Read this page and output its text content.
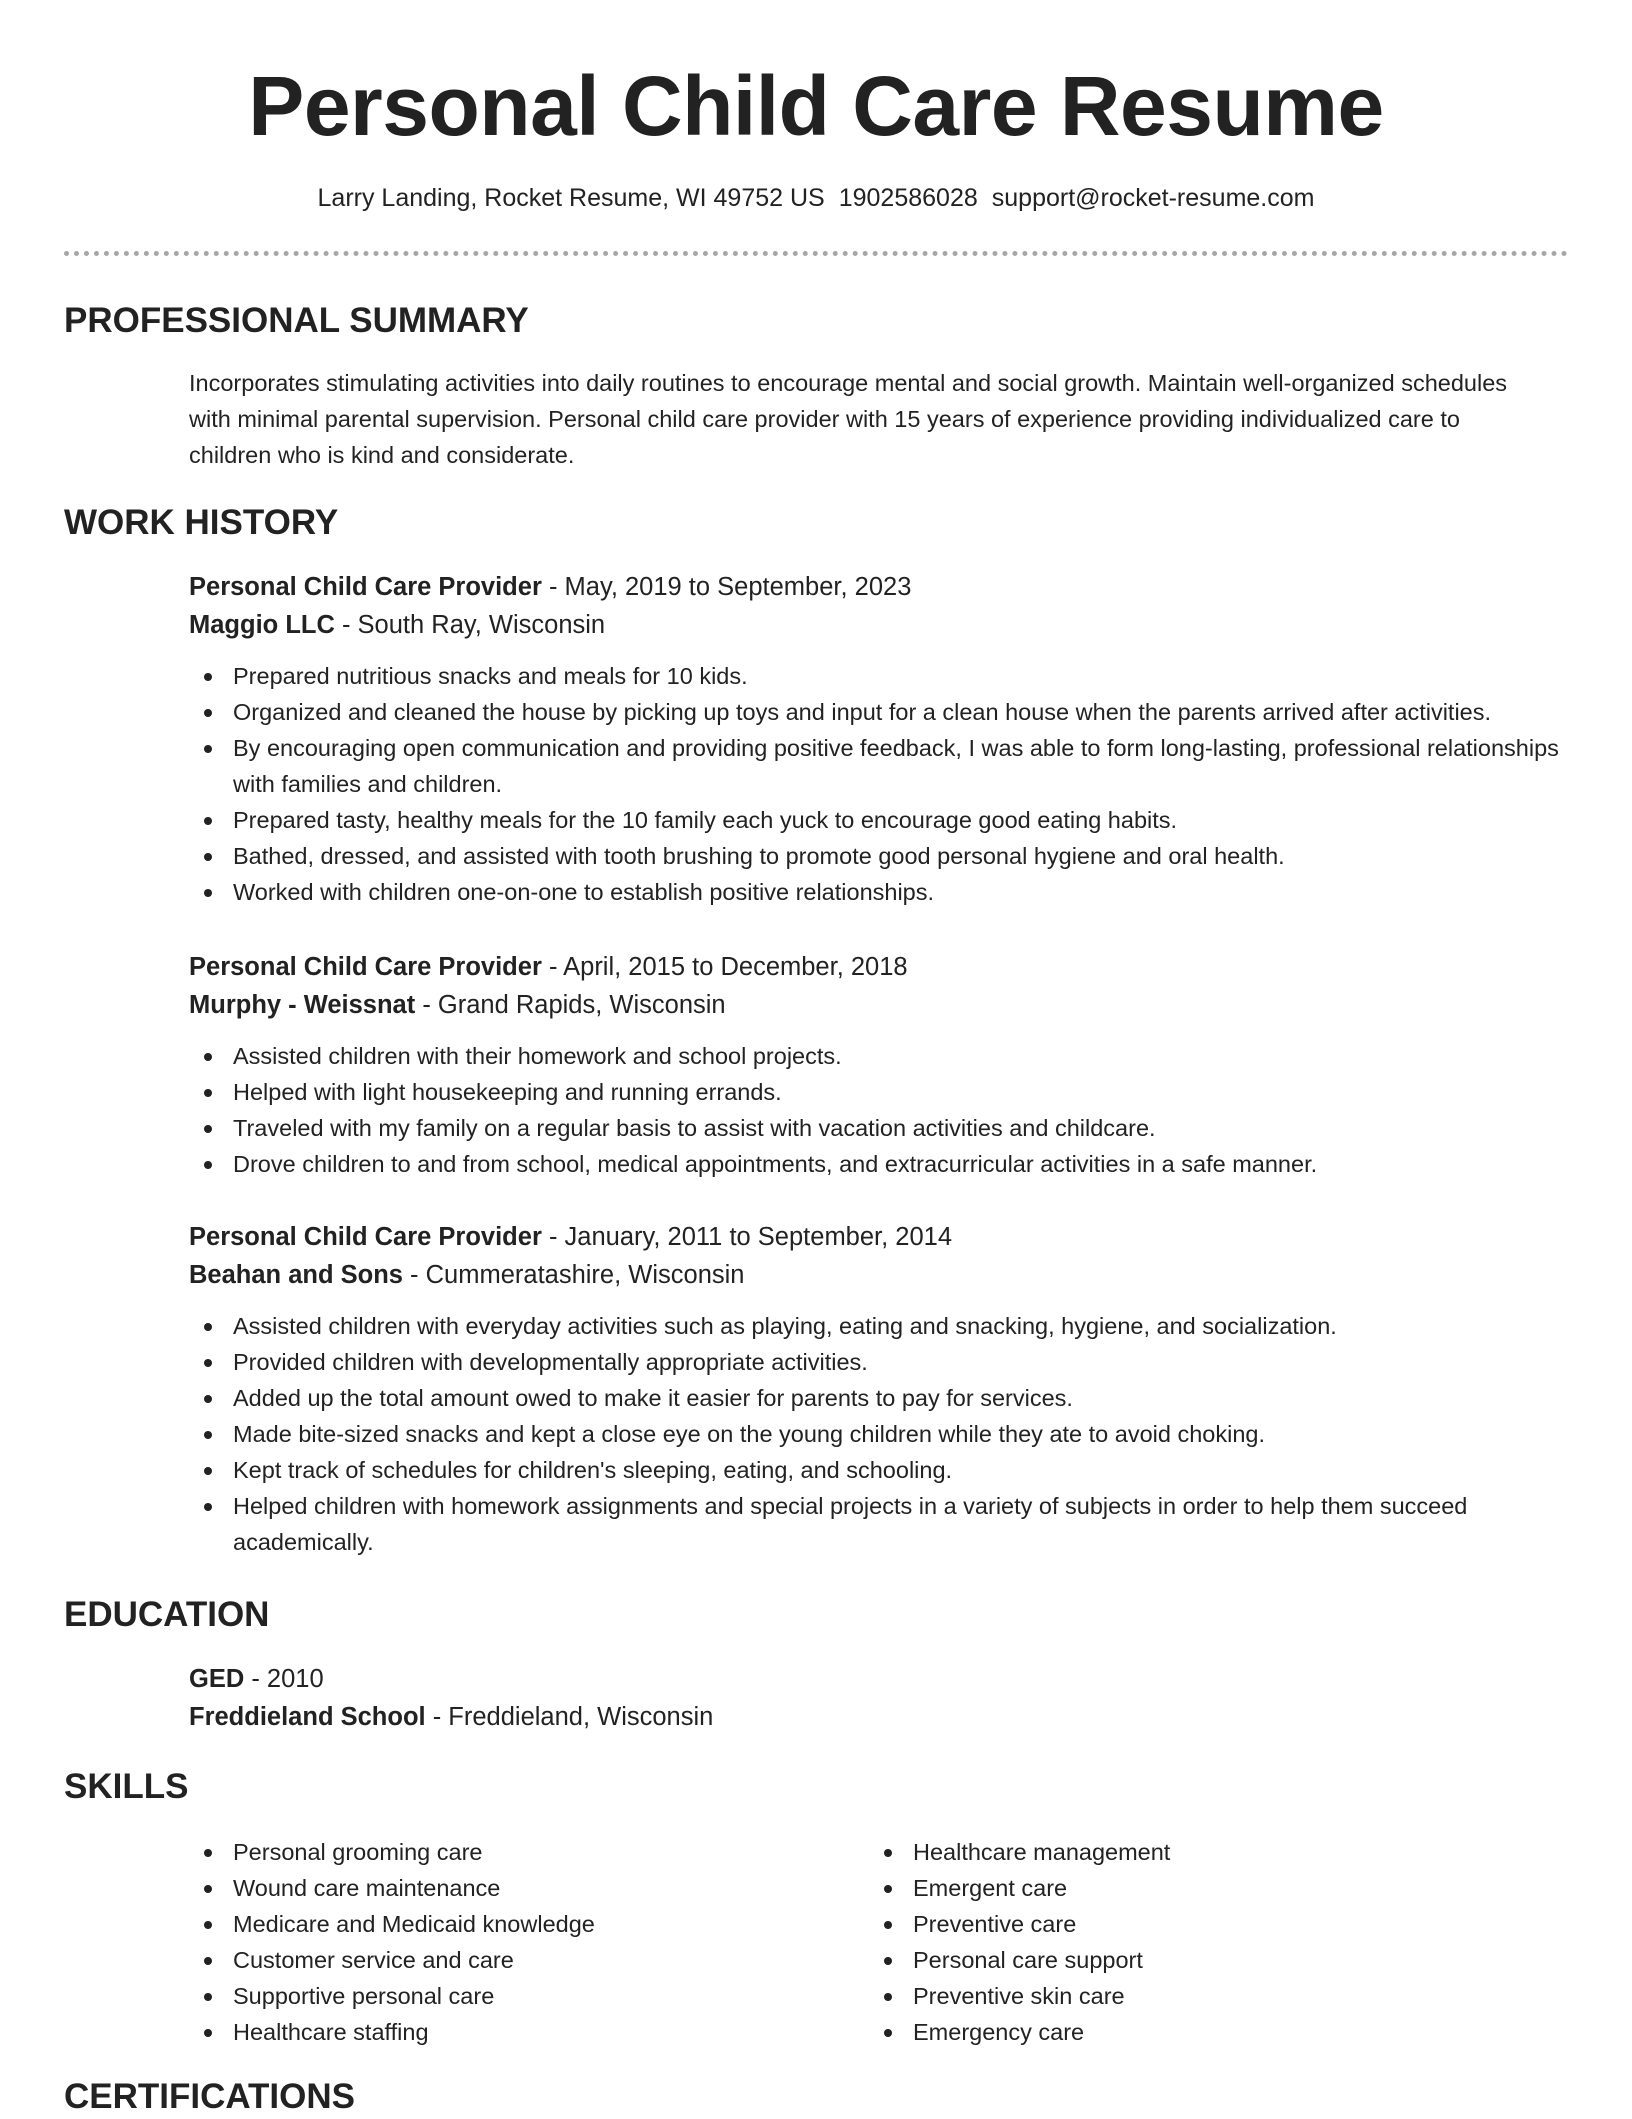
Personal Child Care Resume
Larry Landing, Rocket Resume, WI 49752 US 1902586028 support@rocket-resume.com
PROFESSIONAL SUMMARY

Incorporates stimulating activities into daily routines to encourage mental and social growth. Maintain well-organized schedules with minimal parental supervision. Personal child care provider with 15 years of experience providing individualized care to children who is kind and considerate.

WORK HISTORY

Personal Child Care Provider - May, 2019 to September, 2023

Maggio LLC - South Ray, Wisconsin

Prepared nutritious snacks and meals for 10 kids.
Organized and cleaned the house by picking up toys and input for a clean house when the parents arrived after activities.
By encouraging open communication and providing positive feedback, I was able to form long-lasting, professional relationships with families and children.
Prepared tasty, healthy meals for the 10 family each yuck to encourage good eating habits.
Bathed, dressed, and assisted with tooth brushing to promote good personal hygiene and oral health.
Worked with children one-on-one to establish positive relationships.

Personal Child Care Provider - April, 2015 to December, 2018

Murphy - Weissnat - Grand Rapids, Wisconsin

Assisted children with their homework and school projects.
Helped with light housekeeping and running errands.
Traveled with my family on a regular basis to assist with vacation activities and childcare.
Drove children to and from school, medical appointments, and extracurricular activities in a safe manner.

Personal Child Care Provider - January, 2011 to September, 2014

Beahan and Sons - Cummeratashire, Wisconsin

Assisted children with everyday activities such as playing, eating and snacking, hygiene, and socialization.
Provided children with developmentally appropriate activities.
Added up the total amount owed to make it easier for parents to pay for services.
Made bite-sized snacks and kept a close eye on the young children while they ate to avoid choking.
Kept track of schedules for children's sleeping, eating, and schooling.
Helped children with homework assignments and special projects in a variety of subjects in order to help them succeed academically.
EDUCATION

GED - 2010

Freddieland School - Freddieland, Wisconsin

SKILLS
Personal grooming care
Wound care maintenance
Medicare and Medicaid knowledge
Customer service and care
Supportive personal care
Healthcare staffing
Healthcare management
Emergent care
Preventive care
Personal care support
Preventive skin care
Emergency care
CERTIFICATIONS
